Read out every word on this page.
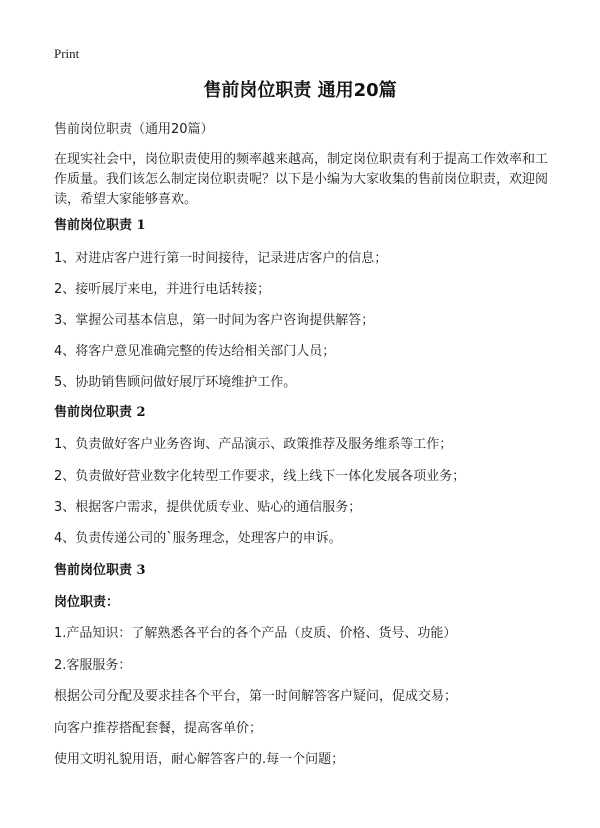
Print
售前岗位职责 通用20篇

售前岗位职责（通用20篇）

在现实社会中，岗位职责使用的频率越来越高，制定岗位职责有利于提高工作效率和工作质量。我们该怎么制定岗位职责呢？以下是小编为大家收集的售前岗位职责，欢迎阅读，希望大家能够喜欢。

售前岗位职责 1

1、对进店客户进行第一时间接待，记录进店客户的信息；

2、接听展厅来电，并进行电话转接；

3、掌握公司基本信息，第一时间为客户咨询提供解答；

4、将客户意见准确完整的传达给相关部门人员；

5、协助销售顾问做好展厅环境维护工作。

售前岗位职责 2

1、负责做好客户业务咨询、产品演示、政策推荐及服务维系等工作；

2、负责做好营业数字化转型工作要求，线上线下一体化发展各项业务；

3、根据客户需求，提供优质专业、贴心的通信服务；

4、负责传递公司的`服务理念，处理客户的申诉。

售前岗位职责 3
岗位职责：

1.产品知识：了解熟悉各平台的各个产品（皮质、价格、货号、功能）

2.客服服务：

根据公司分配及要求挂各个平台，第一时间解答客户疑问，促成交易；

向客户推荐搭配套餐，提高客单价；

使用文明礼貌用语，耐心解答客户的.每一个问题；
